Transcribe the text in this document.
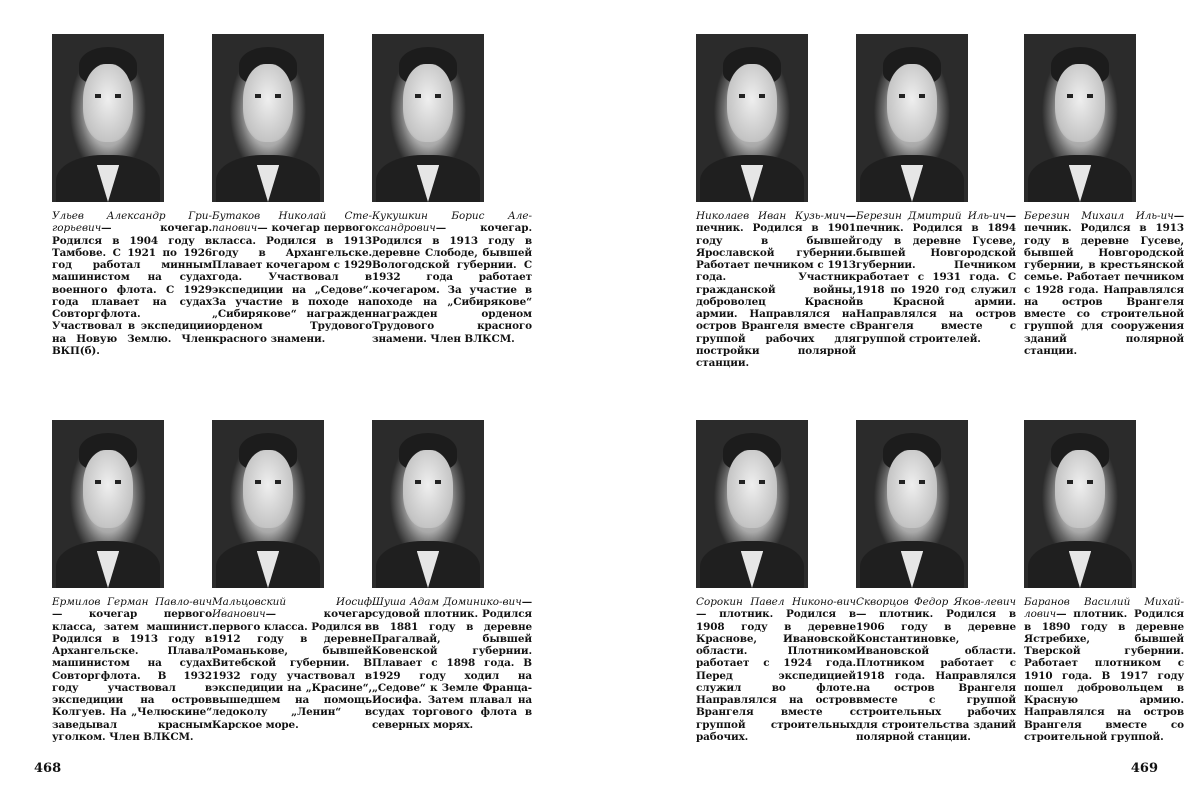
Ульев Александр Гри-горьевич— кочегар. Родился в 1904 году в Тамбове. С 1921 по 1926 год работал минным машинистом на судах военного флота. С 1929 года плавает на судах Совторгфлота. Участвовал в экспедиции на Новую Землю. Член ВКП(б).
Бутаков Николай Сте-панович— кочегар первого класса. Родился в 1913 году в Архангельске. Плавает кочегаром с 1929 года. Участвовал в экспедиции на „Седове“. За участие в походе на „Сибирякове“ награжден орденом Трудового красного знамени.
Кукушкин Борис Але-ксандрович— кочегар. Родился в 1913 году в деревне Слободе, бывшей Вологодской губернии. С 1932 года работает кочегаром. За участие в походе на „Сибирякове“ награжден орденом Трудового красного знамени. Член ВЛКСМ.
Николаев Иван Кузь-мич— печник. Родился в 1901 году в бывшей Ярославской губернии. Работает печником с 1913 года. Участник гражданской войны, доброволец Красной армии. Направлялся на остров Врангеля вместе с группой рабочих для постройки полярной станции.
Березин Дмитрий Иль-ич— печник. Родился в 1894 году в деревне Гусеве, бывшей Новгородской губернии. Печником работает с 1931 года. С 1918 по 1920 год служил в Красной армии. Направлялся на остров Врангеля вместе с группой строителей.
Березин Михаил Иль-ич— печник. Родился в 1913 году в деревне Гусеве, бывшей Новгородской губернии, в крестьянской семье. Работает печником с 1928 года. Направлялся на остров Врангеля вместе со строительной группой для сооружения зданий полярной станции.
Ермилов Герман Павло-вич— кочегар первого класса, затем машинист. Родился в 1913 году в Архангельске. Плавал машинистом на судах Совторгфлота. В 1932 году участвовал в экспедиции на остров Колгуев. На „Челюскине“ заведывал красным уголком. Член ВЛКСМ.
Мальцовский Иосиф Иванович— кочегар первого класса. Родился в 1912 году в деревне Романькове, бывшей Витебской губернии. В 1932 году участвовал в экспедиции на „Красине“, вышедшем на помощь ледоколу „Ленин“ в Карское море.
Шуша Адам Доминико-вич— судовой плотник. Родился в 1881 году в деревне Прагалвай, бывшей Ковенской губернии. Плавает с 1898 года. В 1929 году ходил на „Седове“ к Земле Франца-Иосифа. Затем плавал на судах торгового флота в северных морях.
Сорокин Павел Никоно-вич— плотник. Родился в 1908 году в деревне Краснове, Ивановской области. Плотником работает с 1924 года. Перед экспедицией служил во флоте. Направлялся на остров Врангеля вместе с группой строительных рабочих.
Скворцов Федор Яков-левич— плотник. Родился в 1906 году в деревне Константиновке, Ивановской области. Плотником работает с 1918 года. Направлялся на остров Врангеля вместе с группой строительных рабочих для строительства зданий полярной станции.
Баранов Василий Михай-лович— плотник. Родился в 1890 году в деревне Ястребихе, бывшей Тверской губернии. Работает плотником с 1910 года. В 1917 году пошел добровольцем в Красную армию. Направлялся на остров Врангеля вместе со строительной группой.
468	469
